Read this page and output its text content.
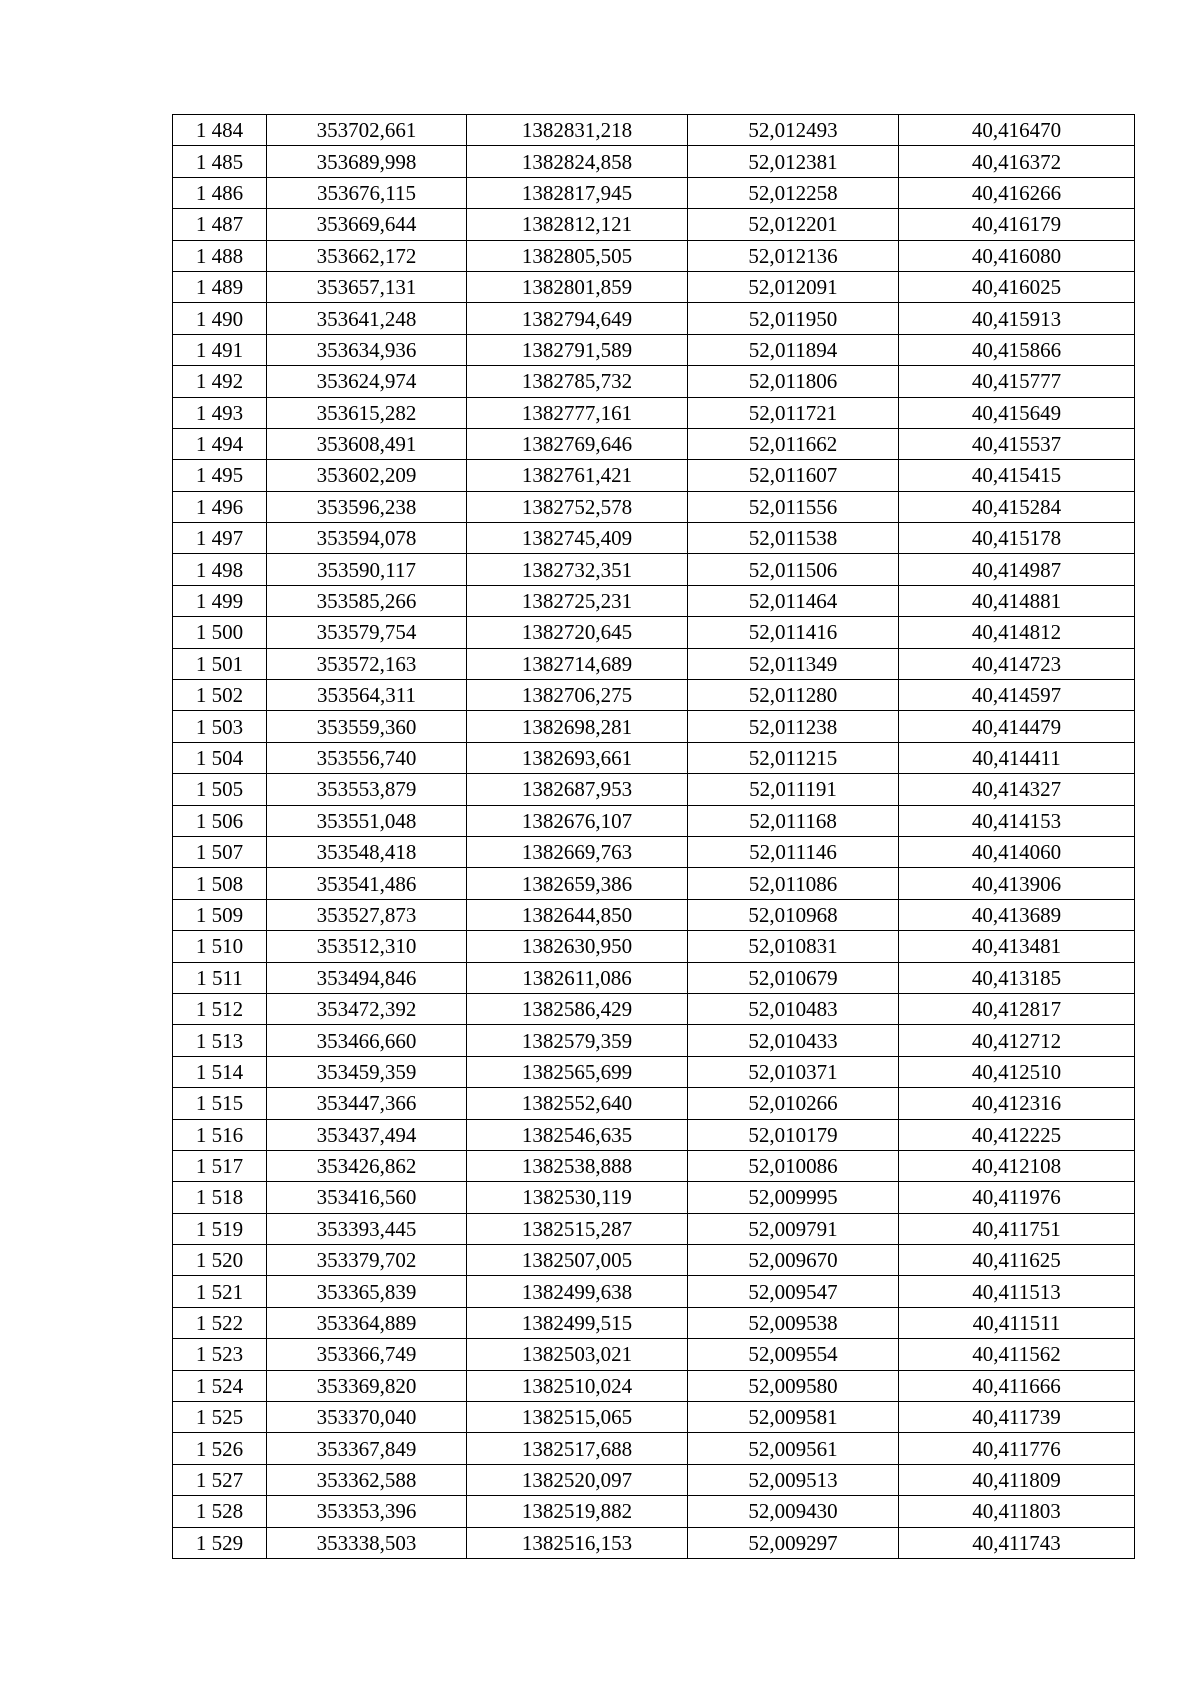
1 484	353702,661	1382831,218	52,012493	40,416470
1 485	353689,998	1382824,858	52,012381	40,416372
1 486	353676,115	1382817,945	52,012258	40,416266
1 487	353669,644	1382812,121	52,012201	40,416179
1 488	353662,172	1382805,505	52,012136	40,416080
1 489	353657,131	1382801,859	52,012091	40,416025
1 490	353641,248	1382794,649	52,011950	40,415913
1 491	353634,936	1382791,589	52,011894	40,415866
1 492	353624,974	1382785,732	52,011806	40,415777
1 493	353615,282	1382777,161	52,011721	40,415649
1 494	353608,491	1382769,646	52,011662	40,415537
1 495	353602,209	1382761,421	52,011607	40,415415
1 496	353596,238	1382752,578	52,011556	40,415284
1 497	353594,078	1382745,409	52,011538	40,415178
1 498	353590,117	1382732,351	52,011506	40,414987
1 499	353585,266	1382725,231	52,011464	40,414881
1 500	353579,754	1382720,645	52,011416	40,414812
1 501	353572,163	1382714,689	52,011349	40,414723
1 502	353564,311	1382706,275	52,011280	40,414597
1 503	353559,360	1382698,281	52,011238	40,414479
1 504	353556,740	1382693,661	52,011215	40,414411
1 505	353553,879	1382687,953	52,011191	40,414327
1 506	353551,048	1382676,107	52,011168	40,414153
1 507	353548,418	1382669,763	52,011146	40,414060
1 508	353541,486	1382659,386	52,011086	40,413906
1 509	353527,873	1382644,850	52,010968	40,413689
1 510	353512,310	1382630,950	52,010831	40,413481
1 511	353494,846	1382611,086	52,010679	40,413185
1 512	353472,392	1382586,429	52,010483	40,412817
1 513	353466,660	1382579,359	52,010433	40,412712
1 514	353459,359	1382565,699	52,010371	40,412510
1 515	353447,366	1382552,640	52,010266	40,412316
1 516	353437,494	1382546,635	52,010179	40,412225
1 517	353426,862	1382538,888	52,010086	40,412108
1 518	353416,560	1382530,119	52,009995	40,411976
1 519	353393,445	1382515,287	52,009791	40,411751
1 520	353379,702	1382507,005	52,009670	40,411625
1 521	353365,839	1382499,638	52,009547	40,411513
1 522	353364,889	1382499,515	52,009538	40,411511
1 523	353366,749	1382503,021	52,009554	40,411562
1 524	353369,820	1382510,024	52,009580	40,411666
1 525	353370,040	1382515,065	52,009581	40,411739
1 526	353367,849	1382517,688	52,009561	40,411776
1 527	353362,588	1382520,097	52,009513	40,411809
1 528	353353,396	1382519,882	52,009430	40,411803
1 529	353338,503	1382516,153	52,009297	40,411743
